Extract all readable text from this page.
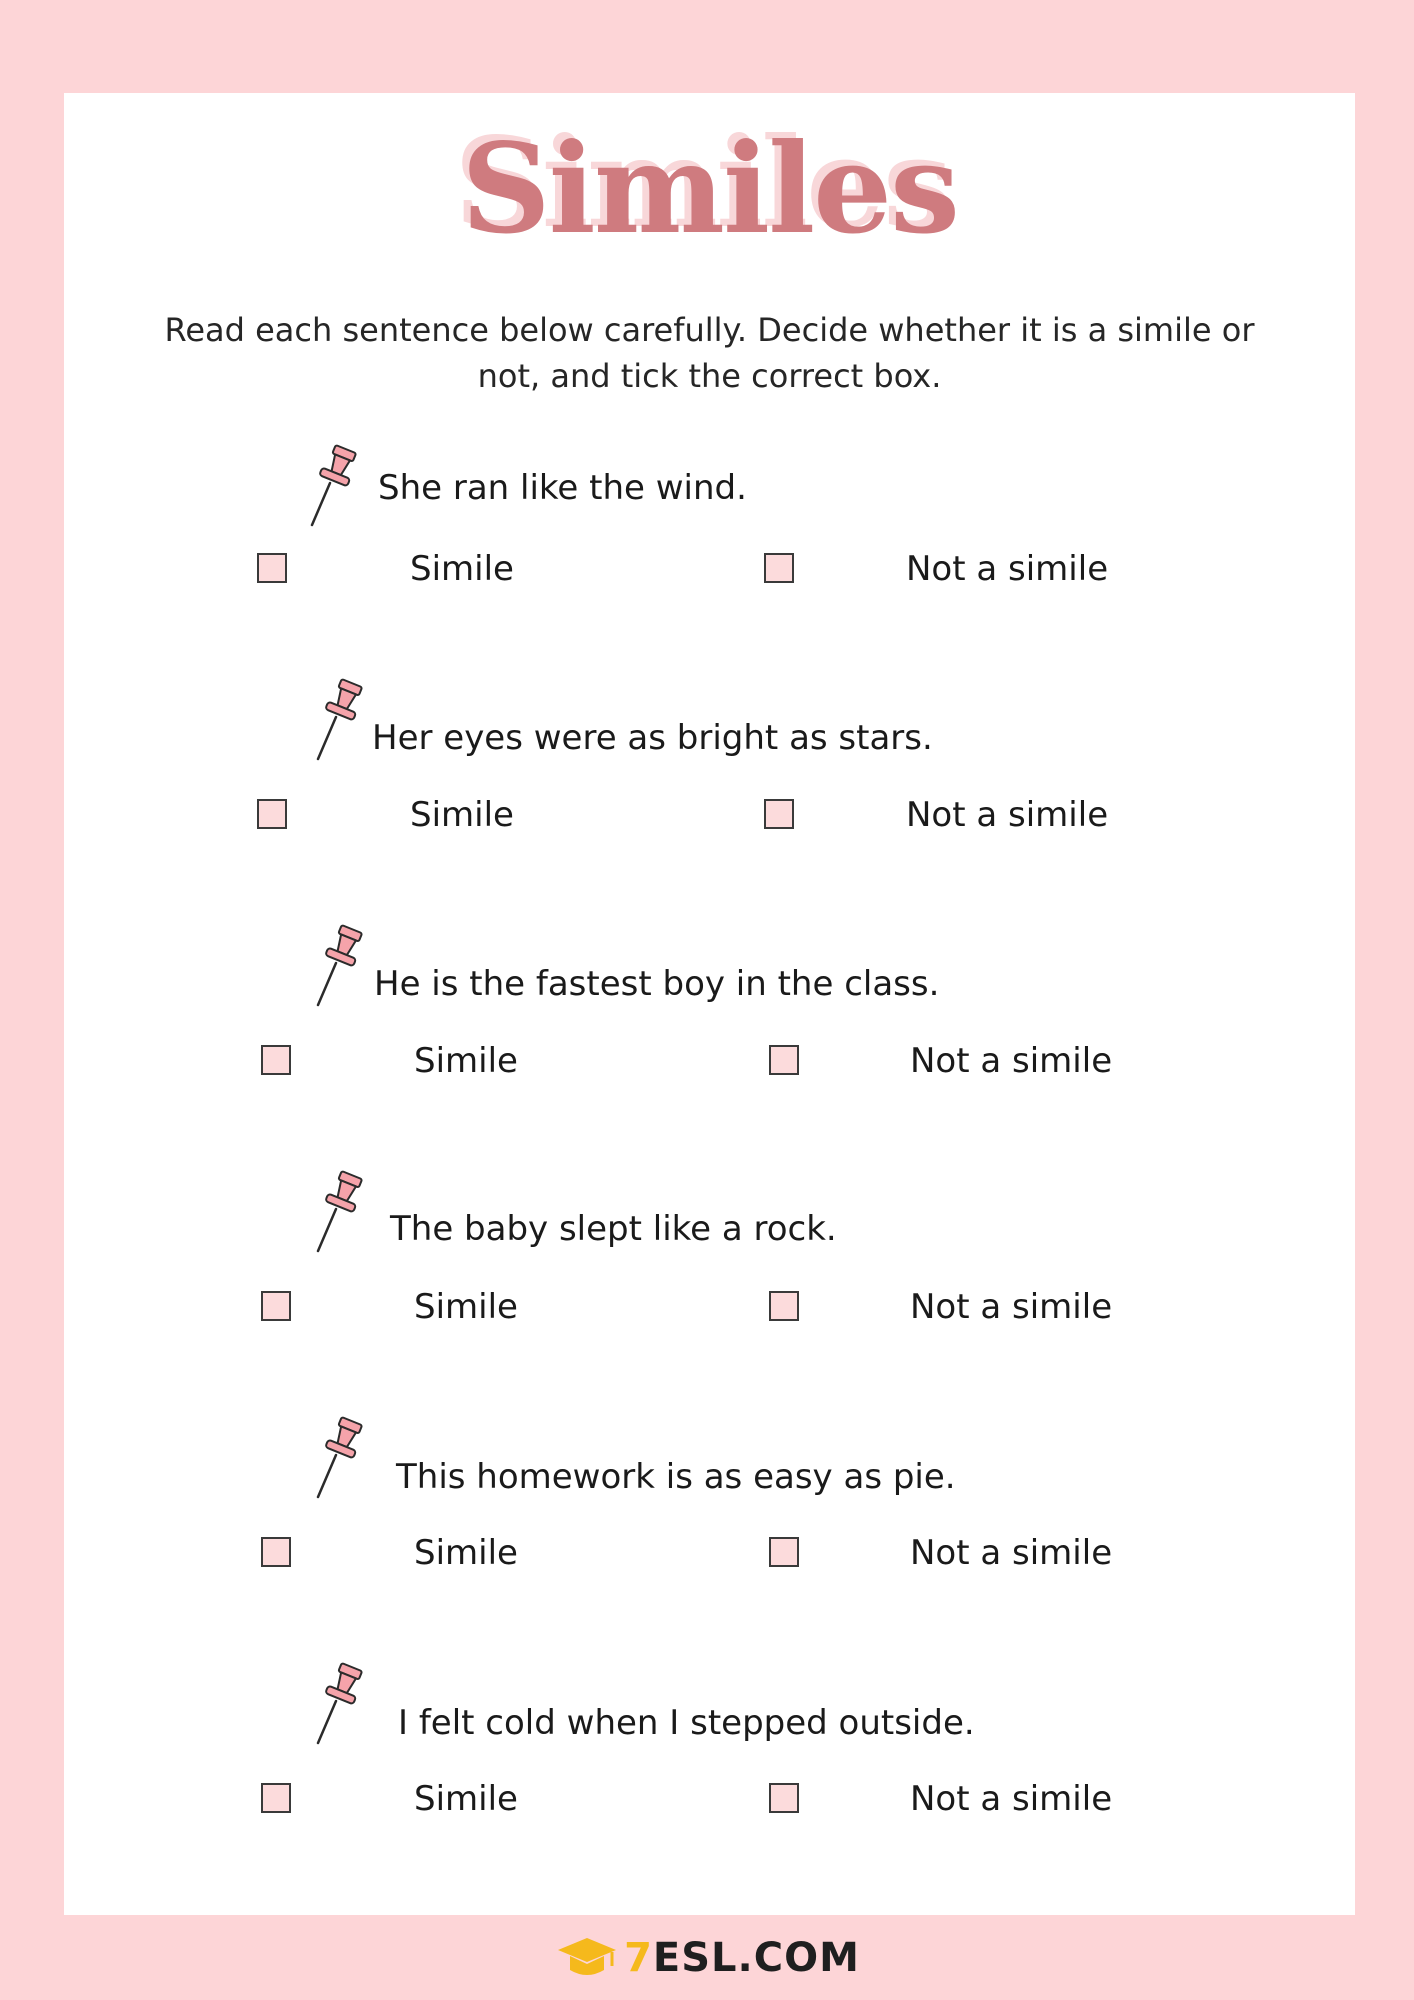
Similes
Read each sentence below carefully. Decide whether it is a simile or not, and tick the correct box.
She ran like the wind.
Simile	Not a simile
Her eyes were as bright as stars.
Simile	Not a simile
He is the fastest boy in the class.
Simile	Not a simile
The baby slept like a rock.
Simile	Not a simile
This homework is as easy as pie.
Simile	Not a simile
I felt cold when I stepped outside.
Simile	Not a simile
7ESL.COM
